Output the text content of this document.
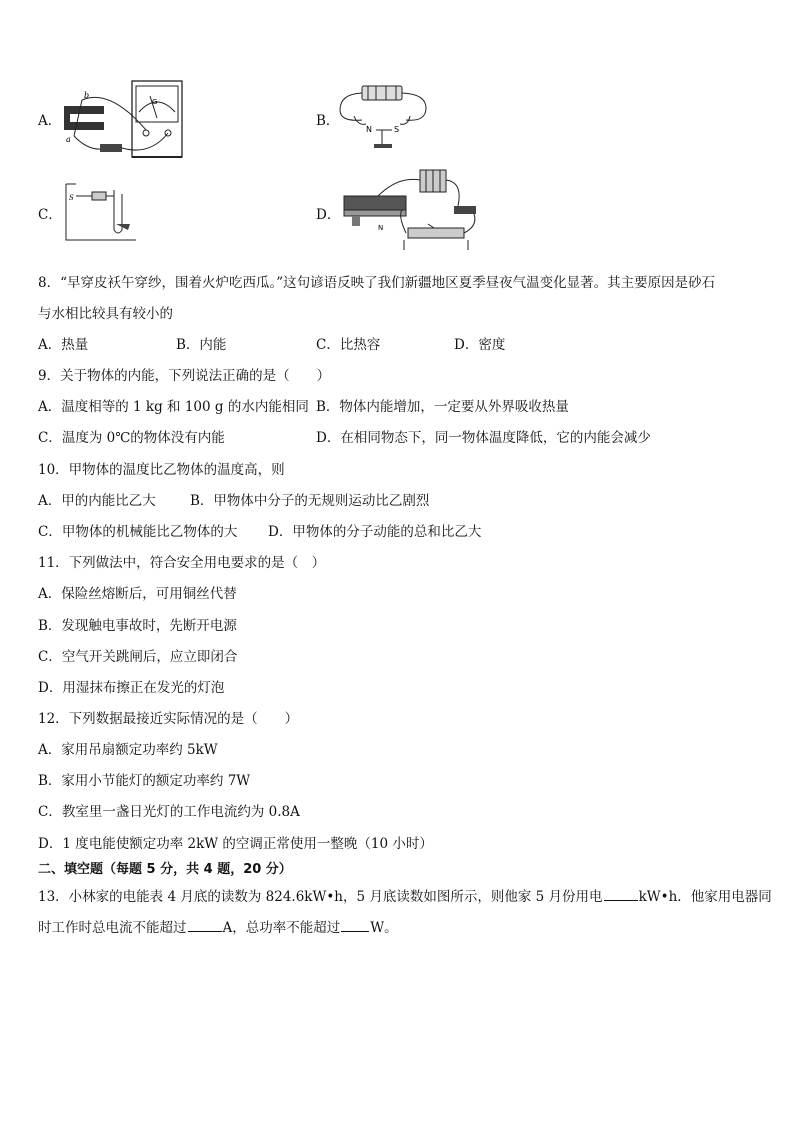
A．
G
b
a
B．
N	S
C．
S
D．
N
8．“早穿皮袄午穿纱，围着火炉吃西瓜。”这句谚语反映了我们新疆地区夏季昼夜气温变化显著。其主要原因是砂石
与水相比较具有较小的
A．热量	B．内能	C．比热容	D．密度
9．关于物体的内能，下列说法正确的是（　　）
A．温度相等的 1 kg 和 100 g 的水内能相同 B．物体内能增加，一定要从外界吸收热量
C．温度为 0℃的物体没有内能	D．在相同物态下，同一物体温度降低，它的内能会减少
10．甲物体的温度比乙物体的温度高，则
A．甲的内能比乙大	B．甲物体中分子的无规则运动比乙剧烈
C．甲物体的机械能比乙物体的大 D．甲物体的分子动能的总和比乙大
11．下列做法中，符合安全用电要求的是（　）
A．保险丝熔断后，可用铜丝代替
B．发现触电事故时，先断开电源
C．空气开关跳闸后，应立即闭合
D．用湿抹布擦正在发光的灯泡
12．下列数据最接近实际情况的是（　　）
A．家用吊扇额定功率约 5kW
B．家用小节能灯的额定功率约 7W
C．教室里一盏日光灯的工作电流约为 0.8A
D．1 度电能使额定功率 2kW 的空调正常使用一整晚（10 小时）
二、填空题（每题 5 分，共 4 题，20 分）
13．小林家的电能表 4 月底的读数为 824.6kW•h，5 月底读数如图所示，则他家 5 月份用电	kW•h．他家用电器同
时工作时总电流不能超过	A，总功率不能超过 W。
